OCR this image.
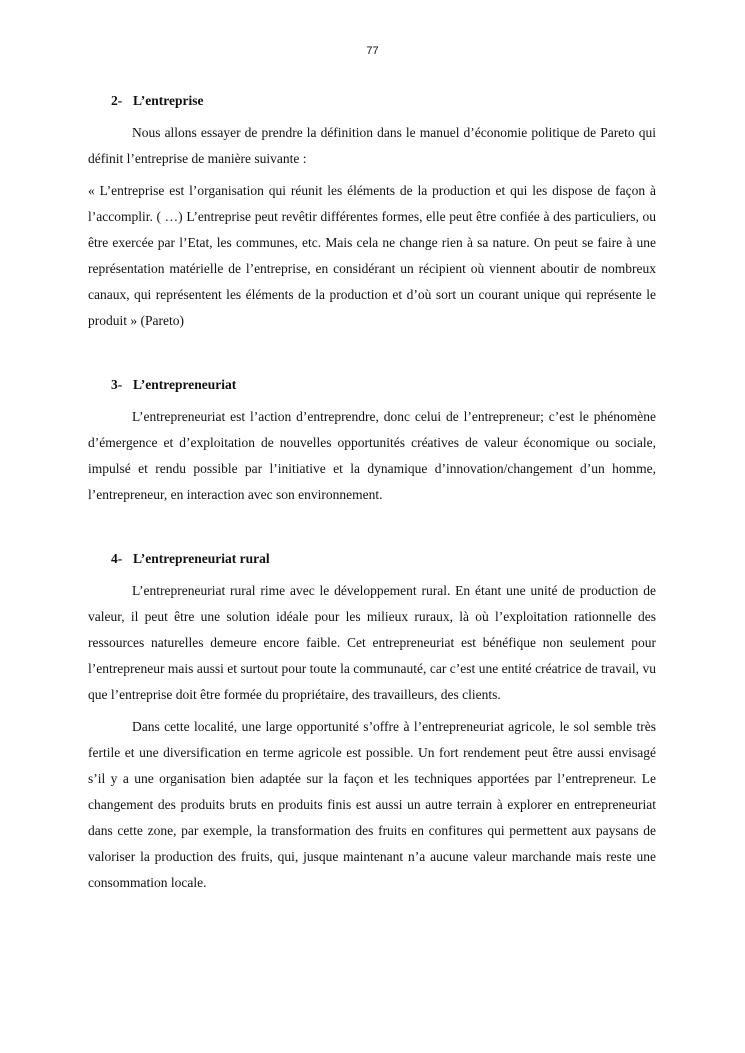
77
2- L’entreprise

Nous allons essayer de prendre la définition dans le manuel d’économie politique de Pareto qui définit l’entreprise de manière suivante :

« L’entreprise est l’organisation qui réunit les éléments de la production et qui les dispose de façon à l’accomplir. ( …) L’entreprise peut revêtir différentes formes, elle peut être confiée à des particuliers, ou être exercée par l’Etat, les communes, etc. Mais cela ne change rien à sa nature. On peut se faire à une représentation matérielle de l’entreprise, en considérant un récipient où viennent aboutir de nombreux canaux, qui représentent les éléments de la production et d’où sort un courant unique qui représente le produit » (Pareto)

3- L’entrepreneuriat

L’entrepreneuriat est l’action d’entreprendre, donc celui de l’entrepreneur; c’est le phénomène d’émergence et d’exploitation de nouvelles opportunités créatives de valeur économique ou sociale, impulsé et rendu possible par l’initiative et la dynamique d’innovation/changement d’un homme, l’entrepreneur, en interaction avec son environnement.

4- L’entrepreneuriat rural

L’entrepreneuriat rural rime avec le développement rural. En étant une unité de production de valeur, il peut être une solution idéale pour les milieux ruraux, là où l’exploitation rationnelle des ressources naturelles demeure encore faible. Cet entrepreneuriat est bénéfique non seulement pour l’entrepreneur mais aussi et surtout pour toute la communauté, car c’est une entité créatrice de travail, vu que l’entreprise doit être formée du propriétaire, des travailleurs, des clients.

Dans cette localité, une large opportunité s’offre à l’entrepreneuriat agricole, le sol semble très fertile et une diversification en terme agricole est possible. Un fort rendement peut être aussi envisagé s’il y a une organisation bien adaptée sur la façon et les techniques apportées par l’entrepreneur. Le changement des produits bruts en produits finis est aussi un autre terrain à explorer en entrepreneuriat dans cette zone, par exemple, la transformation des fruits en confitures qui permettent aux paysans de valoriser la production des fruits, qui, jusque maintenant n’a aucune valeur marchande mais reste une consommation locale.
